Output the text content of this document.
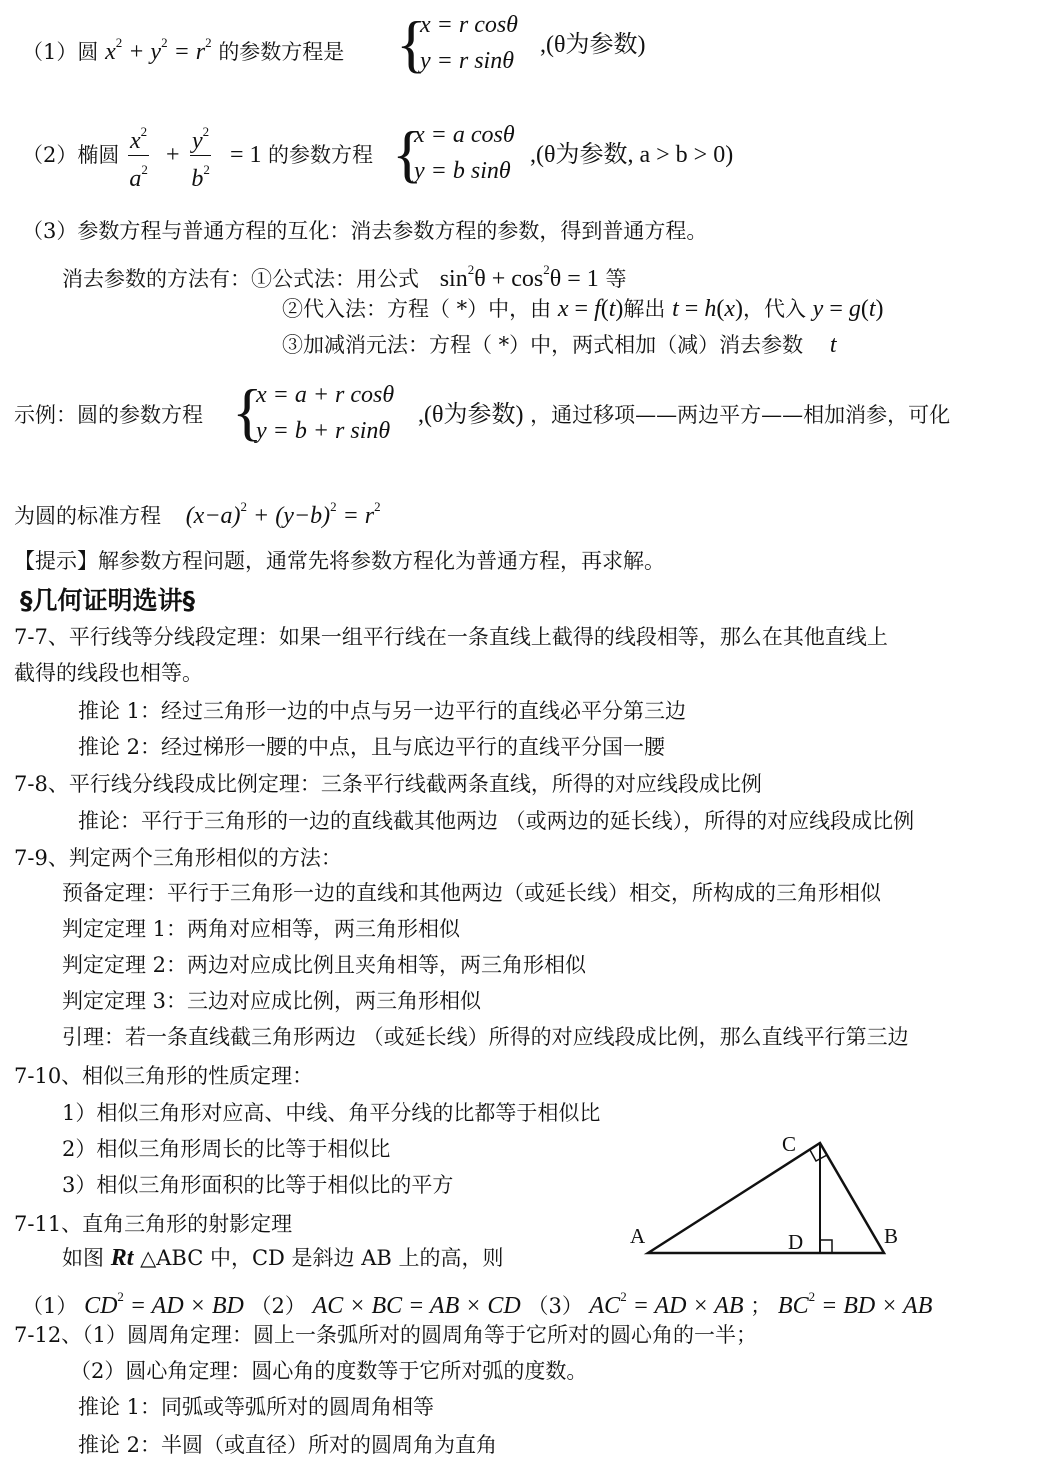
（1）圆 $x^2 + y^2 = r^2$ 的参数方程是 {
x = r cosθ
y = r sinθ
,(θ为参数)
（2）椭圆 $\frac{x^2}{a^2} + \frac{y^2}{b^2} = 1$ 的参数方程 {
x = a cosθ
y = b sinθ
,(θ为参数, a > b > 0)
（3）参数方程与普通方程的互化：消去参数方程的参数，得到普通方程。
消去参数的方法有：①公式法：用公式 $\sin^2\theta + \cos^2\theta = 1$ 等
②代入法：方程（ *）中，由 x = f(t)解出 t = h(x)，代入 y = g(t)
③加减消元法：方程（ *）中，两式相加（减）消去参数 t
示例：圆的参数方程 {
x = a + r cosθ
y = b + r sinθ
,(θ为参数) ，通过移项——两边平方——相加消参，可化
为圆的标准方程 $(x-a)^2 + (y-b)^2 = r^2$
【提示】解参数方程问题，通常先将参数方程化为普通方程，再求解。
§几何证明选讲§
7-7、平行线等分线段定理：如果一组平行线在一条直线上截得的线段相等，那么在其他直线上
截得的线段也相等。
推论 1：经过三角形一边的中点与另一边平行的直线必平分第三边
推论 2：经过梯形一腰的中点，且与底边平行的直线平分国一腰
7-8、平行线分线段成比例定理：三条平行线截两条直线，所得的对应线段成比例
推论：平行于三角形的一边的直线截其他两边 （或两边的延长线），所得的对应线段成比例
7-9、判定两个三角形相似的方法：
预备定理：平行于三角形一边的直线和其他两边（或延长线）相交，所构成的三角形相似
判定定理 1：两角对应相等，两三角形相似
判定定理 2：两边对应成比例且夹角相等，两三角形相似
判定定理 3：三边对应成比例，两三角形相似
引理：若一条直线截三角形两边 （或延长线）所得的对应线段成比例，那么直线平行第三边
7-10、相似三角形的性质定理：
1）相似三角形对应高、中线、角平分线的比都等于相似比
2）相似三角形周长的比等于相似比
3）相似三角形面积的比等于相似比的平方
7-11、直角三角形的射影定理
如图 Rt △ABC 中，CD 是斜边 AB 上的高，则
（1） $CD^2$ = AD × BD （2） AC × BC = AB × CD （3） $AC^2$ = AD × AB ； $BC^2$ = BD × AB
7-12、（1）圆周角定理：圆上一条弧所对的圆周角等于它所对的圆心角的一半；
（2）圆心角定理：圆心角的度数等于它所对弧的度数。
推论 1：同弧或等弧所对的圆周角相等
推论 2：半圆（或直径）所对的圆周角为直角
A	B
C
D
